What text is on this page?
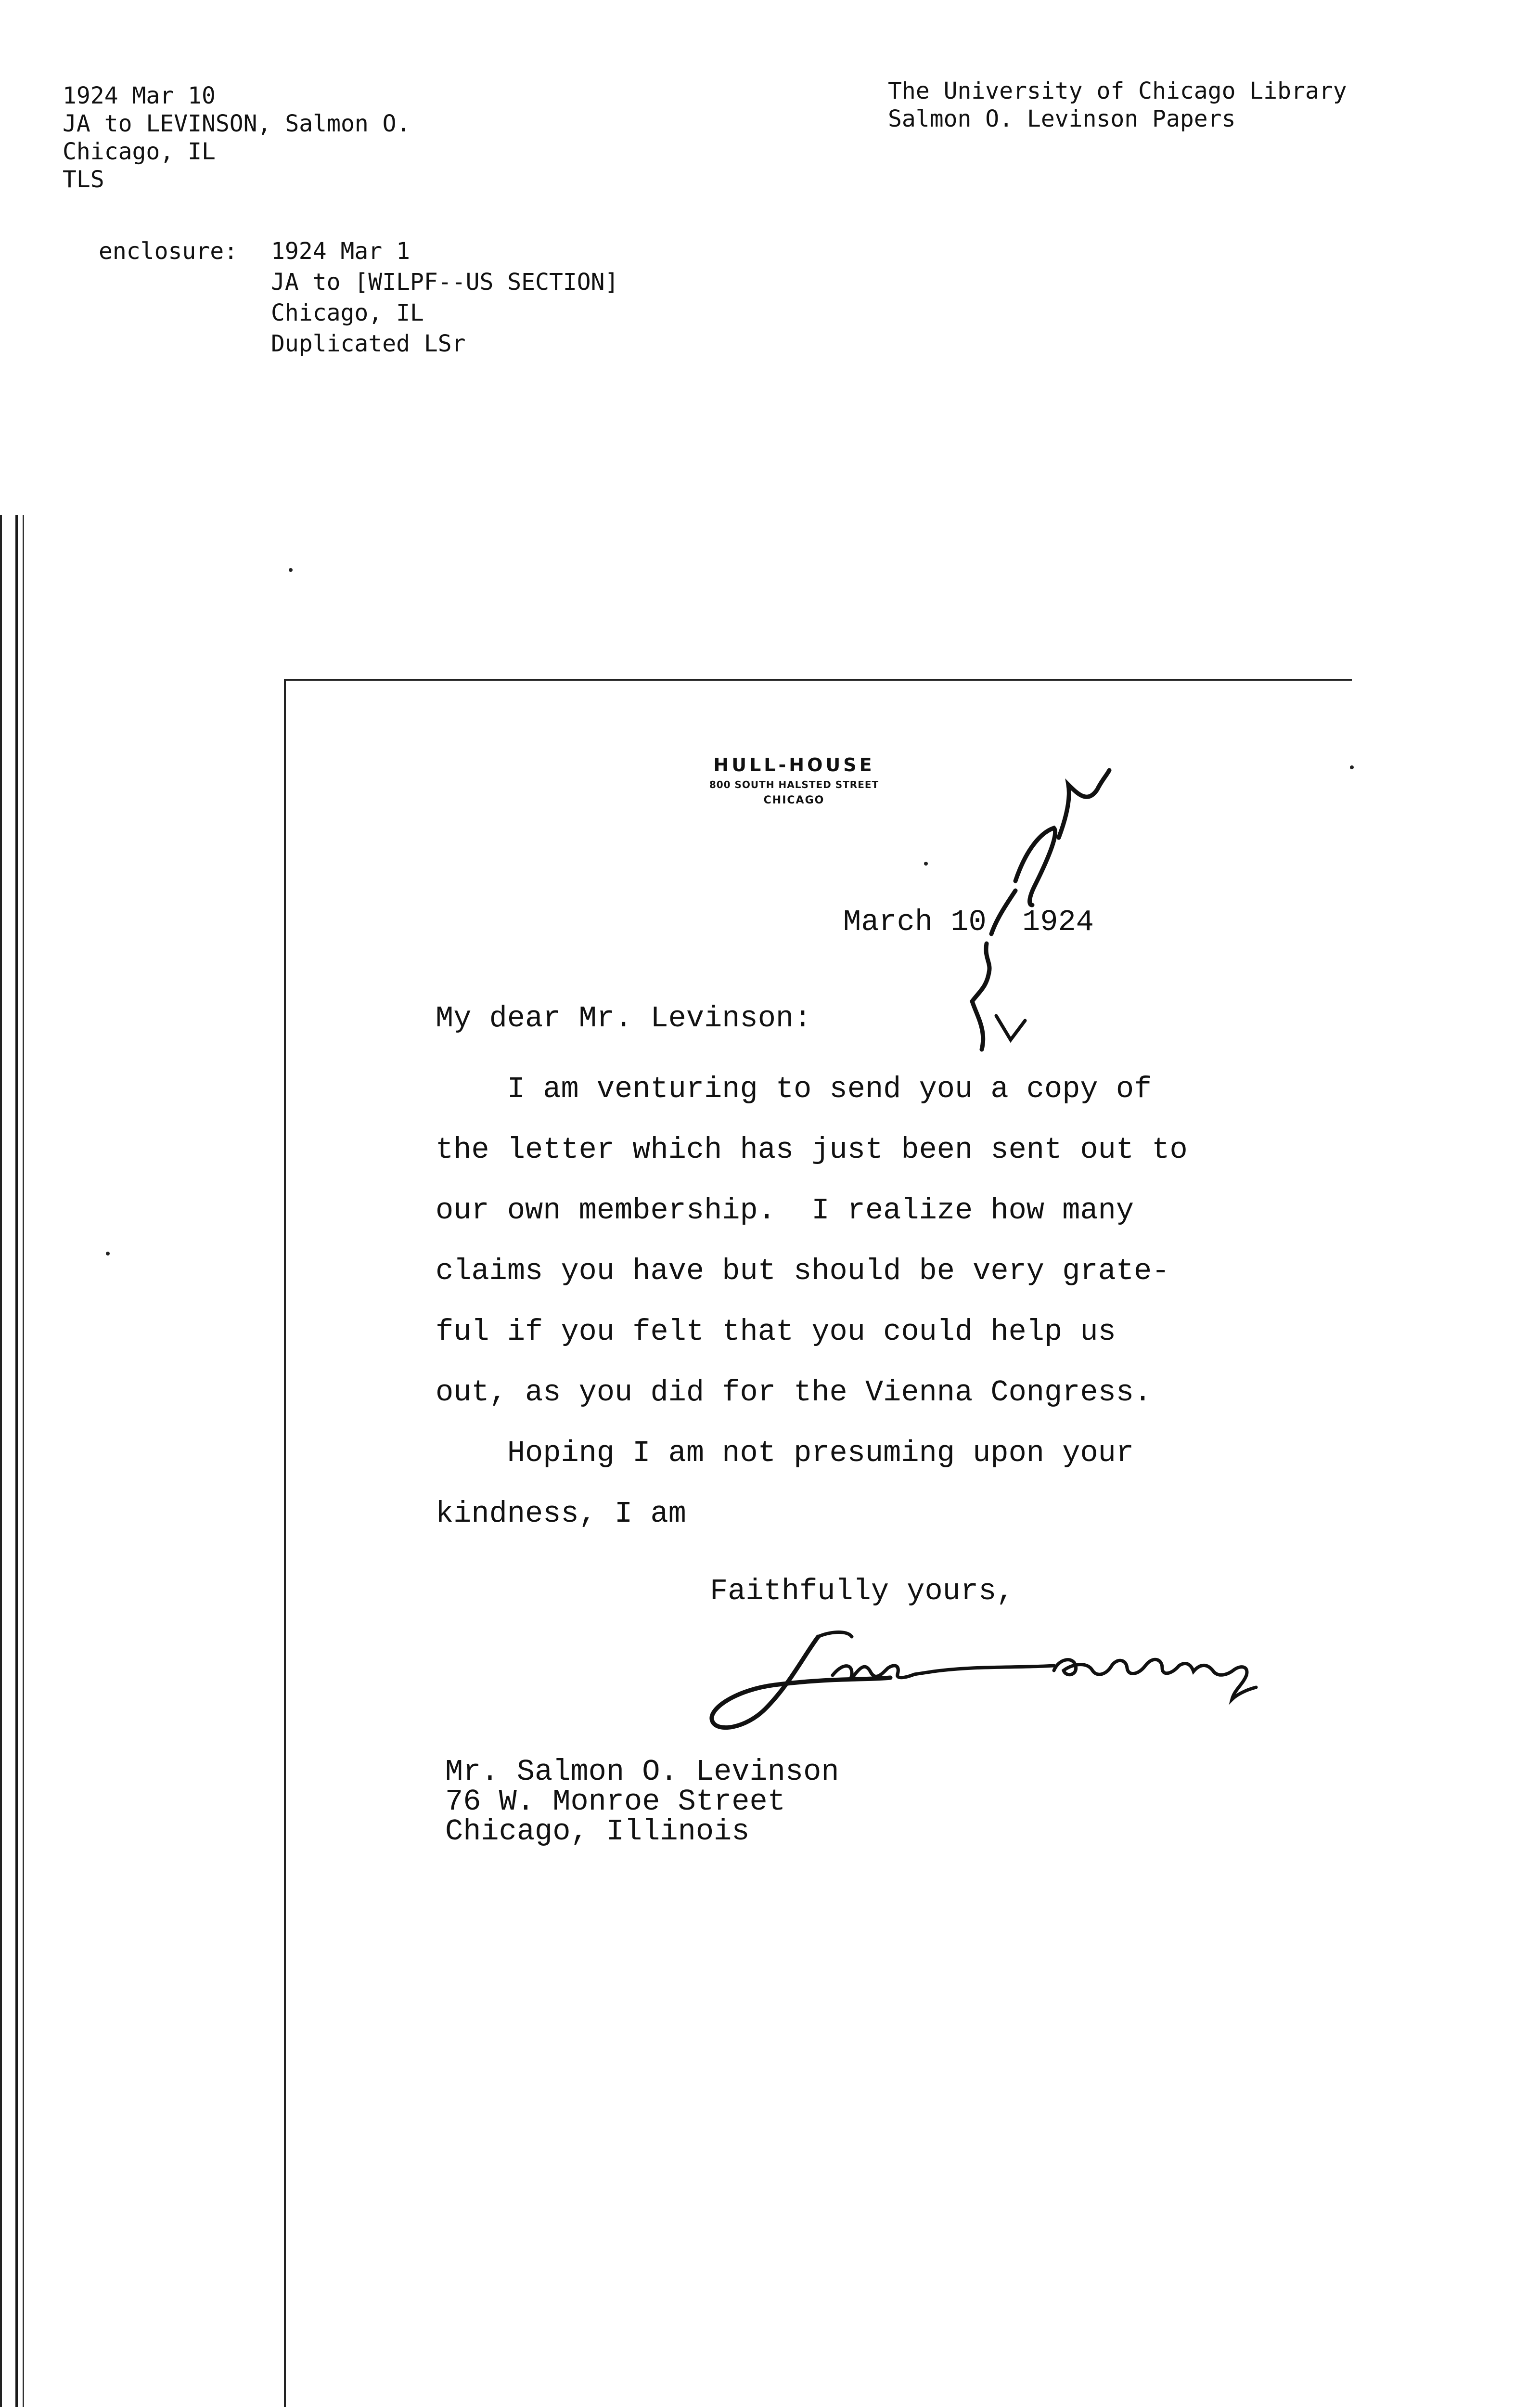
1924 Mar 10
JA to LEVINSON, Salmon O.
Chicago, IL
TLS
The University of Chicago Library
Salmon O. Levinson Papers
enclosure: 1924 Mar 1
JA to [WILPF--US SECTION]
Chicago, IL
Duplicated LSr
HULL-HOUSE
800 SOUTH HALSTED STREET
CHICAGO
March 10, 1924
My dear Mr. Levinson:
I am venturing to send you a copy of
the letter which has just been sent out to
our own membership.  I realize how many
claims you have but should be very grate-
ful if you felt that you could help us
out, as you did for the Vienna Congress.
Hoping I am not presuming upon your
kindness, I am
Faithfully yours,
Mr. Salmon O. Levinson
76 W. Monroe Street
Chicago, Illinois
